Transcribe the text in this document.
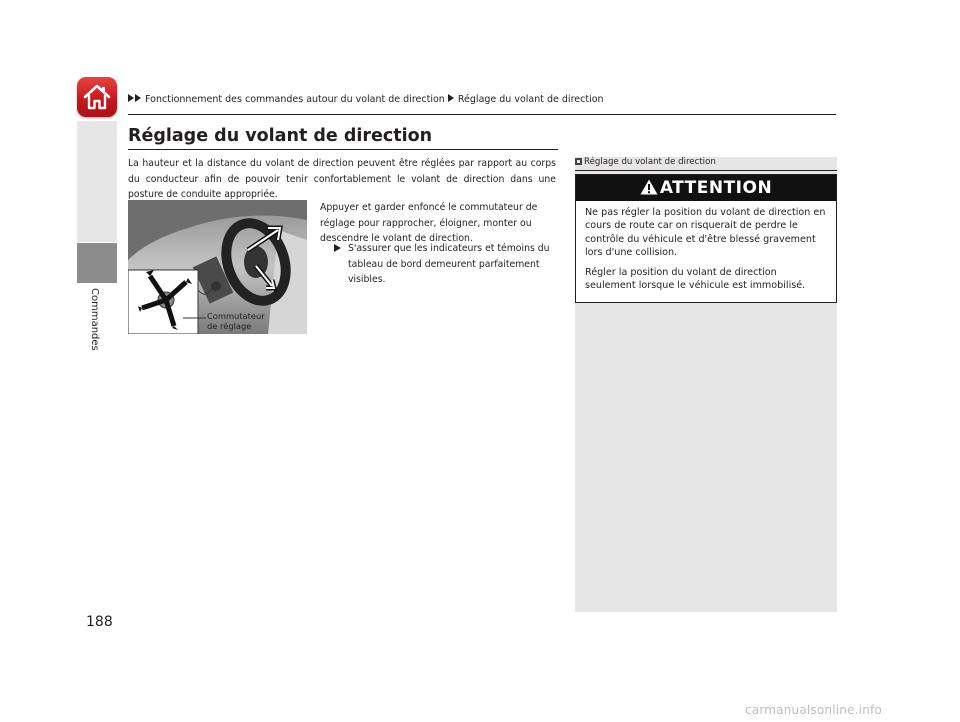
Commandes
Fonctionnement des commandes autour du volant de direction Réglage du volant de direction
Réglage du volant de direction
La hauteur et la distance du volant de direction peuvent être réglées par rapport au corps du conducteur afin de pouvoir tenir confortablement le volant de direction dans une posture de conduite appropriée.
Commutateur de réglage
Appuyer et garder enfoncé le commutateur de réglage pour rapprocher, éloigner, monter ou descendre le volant de direction.
S'assurer que les indicateurs et témoins du tableau de bord demeurent parfaitement visibles.
Réglage du volant de direction
ATTENTION
Ne pas régler la position du volant de direction en cours de route car on risquerait de perdre le contrôle du véhicule et d'être blessé gravement lors d'une collision.
Régler la position du volant de direction seulement lorsque le véhicule est immobilisé.
188
carmanualsonline.info
